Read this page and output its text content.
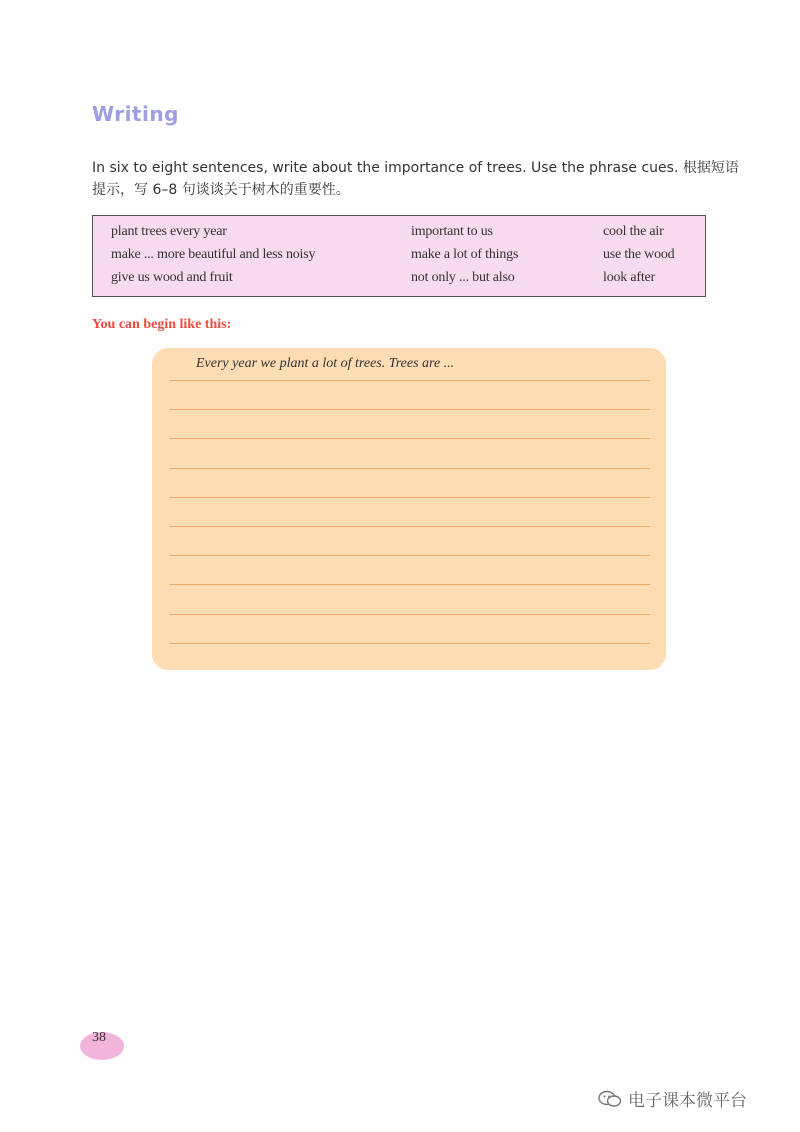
Writing

In six to eight sentences, write about the importance of trees. Use the phrase cues. 根据短语
提示，写 6–8 句谈谈关于树木的重要性。

plant trees every year	important to us	cool the air
make ... more beautiful and less noisy	make a lot of things	use the wood
give us wood and fruit	not only ... but also	look after

You can begin like this:

Every year we plant a lot of trees. Trees are ...
38
电子课本微平台
